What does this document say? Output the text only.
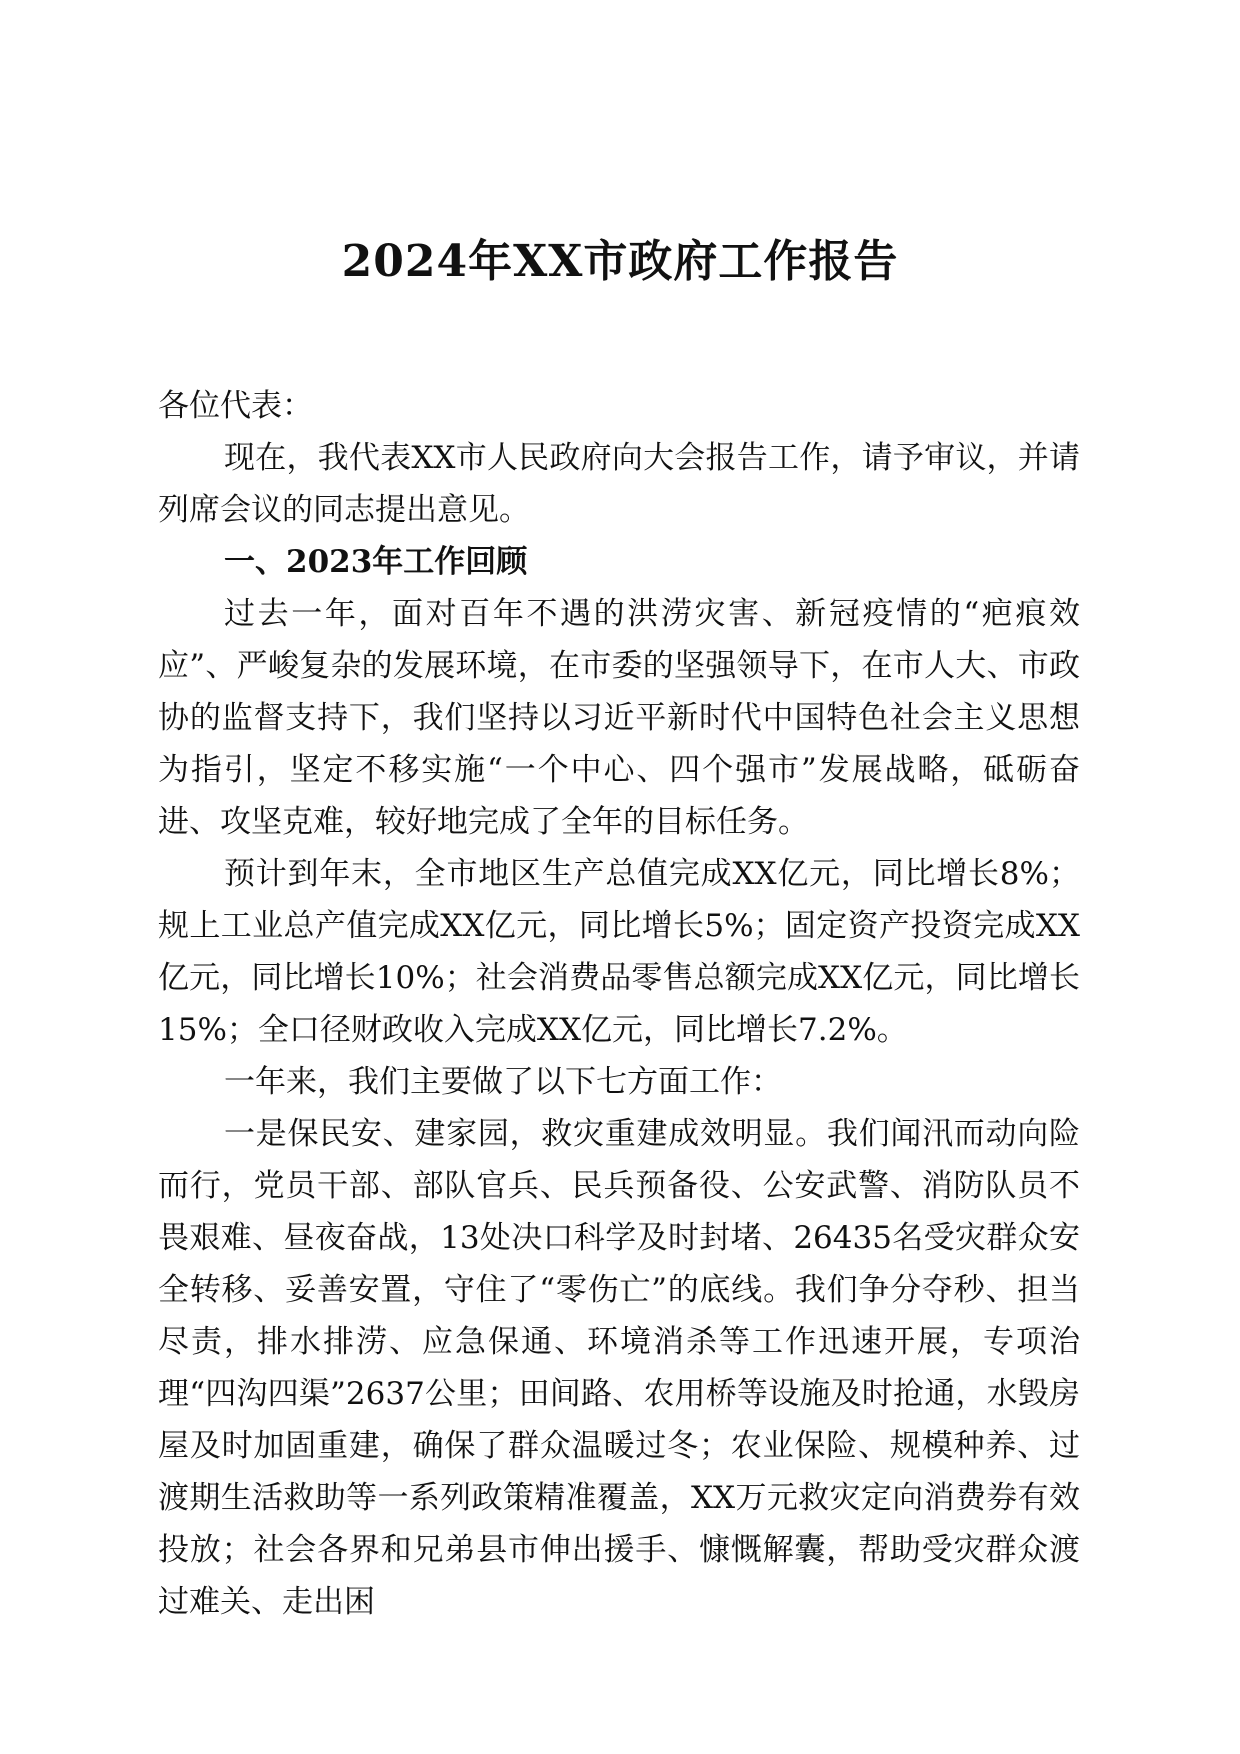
2024年XX市政府工作报告

各位代表：

现在，我代表XX市人民政府向大会报告工作，请予审议，并请列席会议的同志提出意见。

一、2023年工作回顾

过去一年，面对百年不遇的洪涝灾害、新冠疫情的“疤痕效应”、严峻复杂的发展环境，在市委的坚强领导下，在市人大、市政协的监督支持下，我们坚持以习近平新时代中国特色社会主义思想为指引，坚定不移实施“一个中心、四个强市”发展战略，砥砺奋进、攻坚克难，较好地完成了全年的目标任务。

预计到年末，全市地区生产总值完成XX亿元，同比增长8%；规上工业总产值完成XX亿元，同比增长5%；固定资产投资完成XX亿元，同比增长10%；社会消费品零售总额完成XX亿元，同比增长15%；全口径财政收入完成XX亿元，同比增长7.2%。

一年来，我们主要做了以下七方面工作：

一是保民安、建家园，救灾重建成效明显。我们闻汛而动向险而行，党员干部、部队官兵、民兵预备役、公安武警、消防队员不畏艰难、昼夜奋战，13处决口科学及时封堵、26435名受灾群众安全转移、妥善安置，守住了“零伤亡”的底线。我们争分夺秒、担当尽责，排水排涝、应急保通、环境消杀等工作迅速开展，专项治理“四沟四渠”2637公里；田间路、农用桥等设施及时抢通，水毁房屋及时加固重建，确保了群众温暖过冬；农业保险、规模种养、过渡期生活救助等一系列政策精准覆盖，XX万元救灾定向消费券有效投放；社会各界和兄弟县市伸出援手、慷慨解囊，帮助受灾群众渡过难关、走出困
